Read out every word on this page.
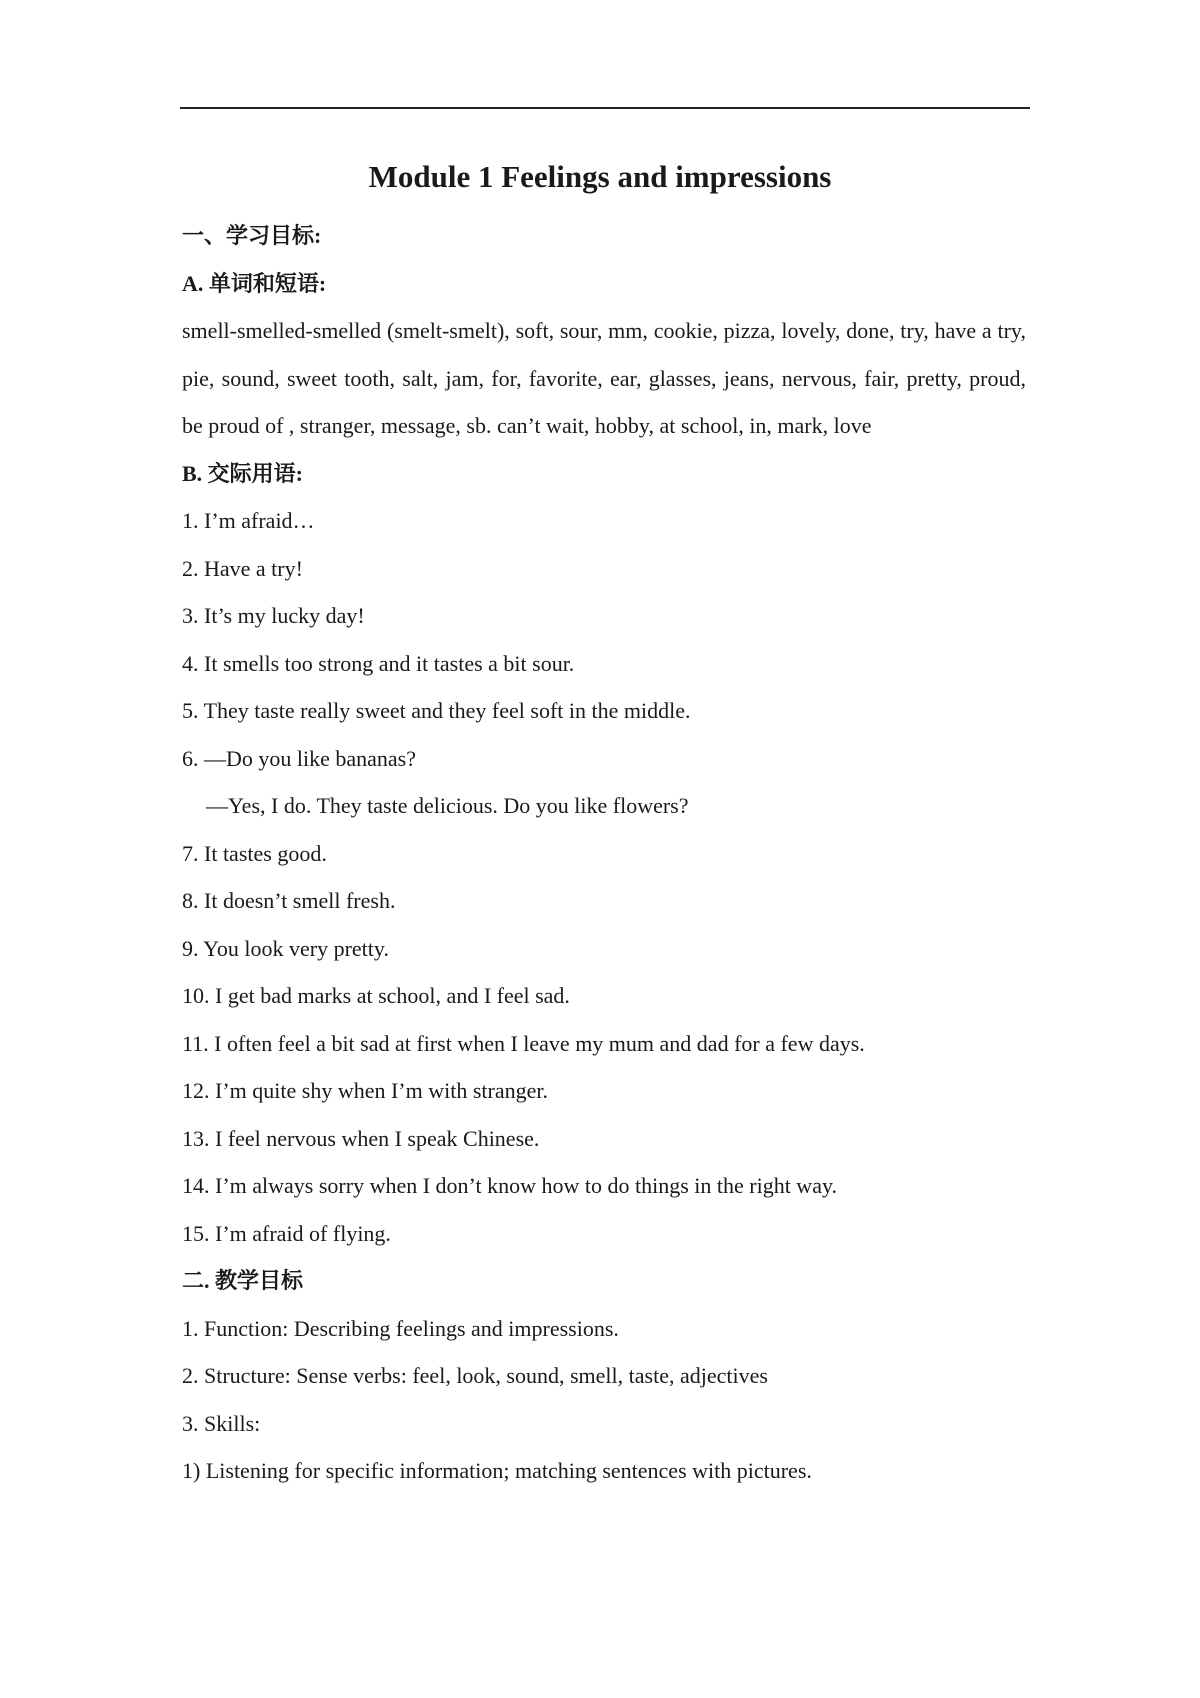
Module 1 Feelings and impressions

一、学习目标:

A. 单词和短语:

smell-smelled-smelled (smelt-smelt), soft, sour, mm, cookie, pizza, lovely, done, try, have a try, pie, sound, sweet tooth, salt, jam, for, favorite, ear, glasses, jeans, nervous, fair, pretty, proud, be proud of , stranger, message, sb. can’t wait, hobby, at school, in, mark, love

B. 交际用语:

1. I’m afraid…

2. Have a try!

3. It’s my lucky day!

4. It smells too strong and it tastes a bit sour.

5. They taste really sweet and they feel soft in the middle.

6. —Do you like bananas?

—Yes, I do. They taste delicious. Do you like flowers?

7. It tastes good.

8. It doesn’t smell fresh.

9. You look very pretty.

10. I get bad marks at school, and I feel sad.

11. I often feel a bit sad at first when I leave my mum and dad for a few days.

12. I’m quite shy when I’m with stranger.

13. I feel nervous when I speak Chinese.

14. I’m always sorry when I don’t know how to do things in the right way.

15. I’m afraid of flying.

二. 教学目标

1. Function: Describing feelings and impressions.

2. Structure: Sense verbs: feel, look, sound, smell, taste, adjectives

3. Skills:

1) Listening for specific information; matching sentences with pictures.
